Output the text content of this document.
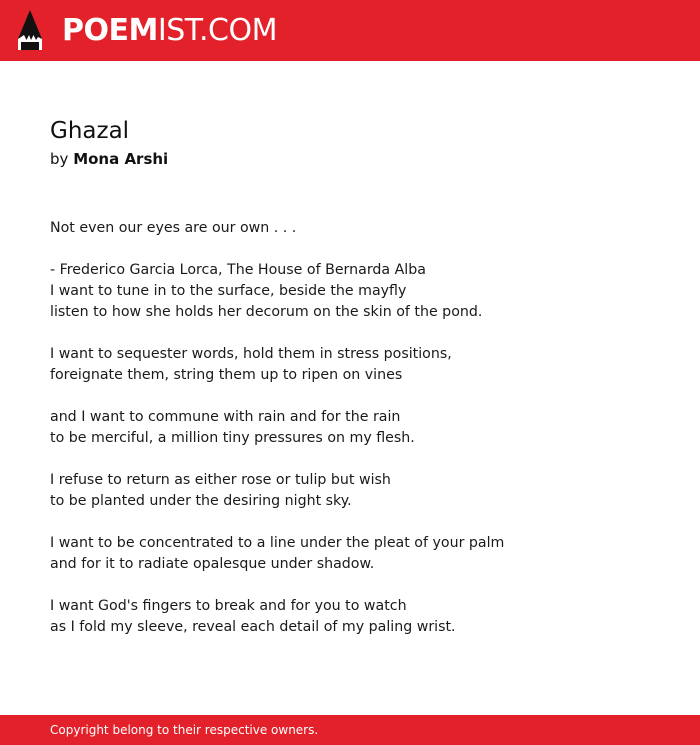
POEMIST.COM
Ghazal
by Mona Arshi
Not even our eyes are our own . . .
- Frederico Garcia Lorca, The House of Bernarda Alba
I want to tune in to the surface, beside the mayfly
listen to how she holds her decorum on the skin of the pond.
I want to sequester words, hold them in stress positions,
foreignate them, string them up to ripen on vines
and I want to commune with rain and for the rain
to be merciful, a million tiny pressures on my flesh.
I refuse to return as either rose or tulip but wish
to be planted under the desiring night sky.
I want to be concentrated to a line under the pleat of your palm
and for it to radiate opalesque under shadow.
I want God's fingers to break and for you to watch
as I fold my sleeve, reveal each detail of my paling wrist.
Copyright belong to their respective owners.
